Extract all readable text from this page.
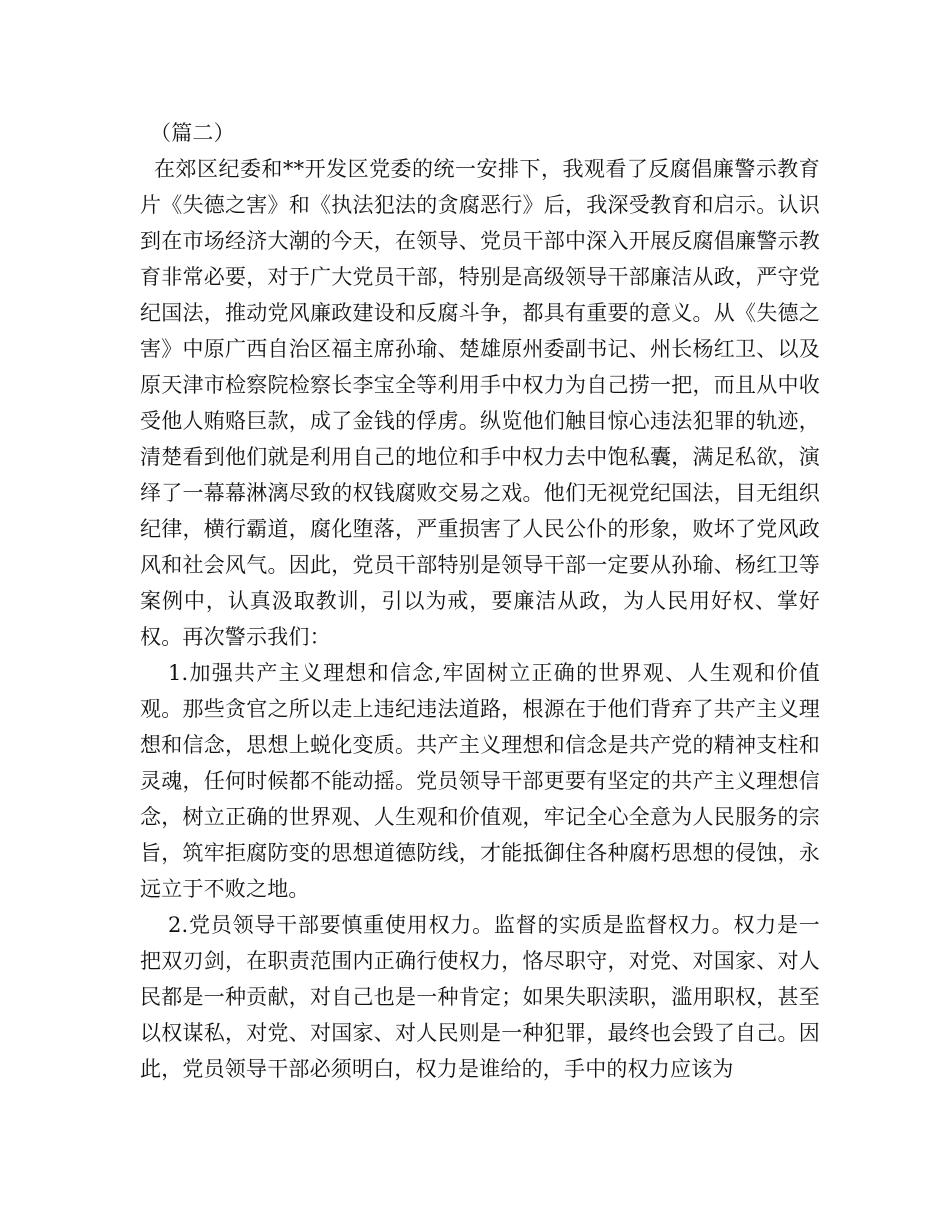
（篇二）

在郊区纪委和**开发区党委的统一安排下，我观看了反腐倡廉警示教育片《失德之害》和《执法犯法的贪腐恶行》后，我深受教育和启示。认识到在市场经济大潮的今天，在领导、党员干部中深入开展反腐倡廉警示教育非常必要，对于广大党员干部，特别是高级领导干部廉洁从政，严守党纪国法，推动党风廉政建设和反腐斗争，都具有重要的意义。从《失德之害》中原广西自治区福主席孙瑜、楚雄原州委副书记、州长杨红卫、以及原天津市检察院检察长李宝全等利用手中权力为自己捞一把，而且从中收受他人贿赂巨款，成了金钱的俘虏。纵览他们触目惊心违法犯罪的轨迹，清楚看到他们就是利用自己的地位和手中权力去中饱私囊，满足私欲，演绎了一幕幕淋漓尽致的权钱腐败交易之戏。他们无视党纪国法，目无组织纪律，横行霸道，腐化堕落，严重损害了人民公仆的形象，败坏了党风政风和社会风气。因此，党员干部特别是领导干部一定要从孙瑜、杨红卫等案例中，认真汲取教训，引以为戒，要廉洁从政，为人民用好权、掌好权。再次警示我们：

1.加强共产主义理想和信念,牢固树立正确的世界观、人生观和价值观。那些贪官之所以走上违纪违法道路，根源在于他们背弃了共产主义理想和信念，思想上蜕化变质。共产主义理想和信念是共产党的精神支柱和灵魂，任何时候都不能动摇。党员领导干部更要有坚定的共产主义理想信念，树立正确的世界观、人生观和价值观，牢记全心全意为人民服务的宗旨，筑牢拒腐防变的思想道德防线，才能抵御住各种腐朽思想的侵蚀，永远立于不败之地。

2.党员领导干部要慎重使用权力。监督的实质是监督权力。权力是一把双刃剑，在职责范围内正确行使权力，恪尽职守，对党、对国家、对人民都是一种贡献，对自己也是一种肯定；如果失职渎职，滥用职权，甚至以权谋私，对党、对国家、对人民则是一种犯罪，最终也会毁了自己。因此，党员领导干部必须明白，权力是谁给的，手中的权力应该为
